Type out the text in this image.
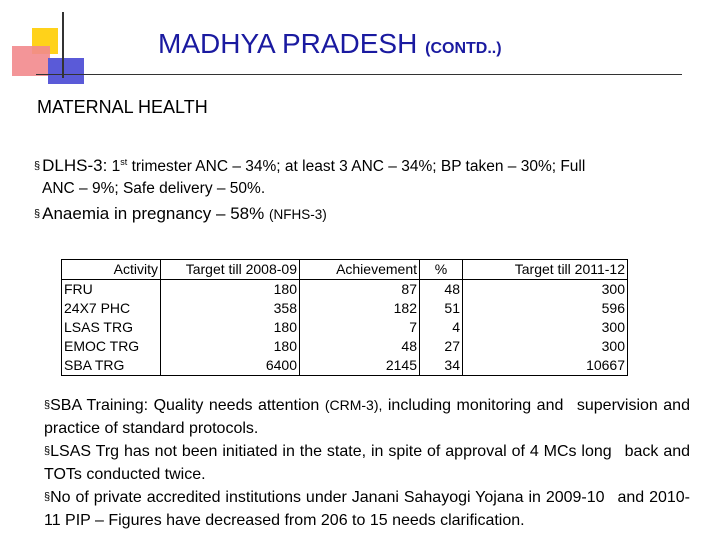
MADHYA PRADESH (CONTD..)
MATERNAL HEALTH
§ DLHS-3: 1st trimester ANC – 34%; at least 3 ANC – 34%; BP taken – 30%; Full
ANC – 9%; Safe delivery – 50%.
§ Anaemia in pregnancy – 58% (NFHS-3)
Activity	Target till 2008-09	Achievement	%	Target till 2011-12
FRU	180	87	48	300
24X7 PHC	358	182	51	596
LSAS TRG	180	7	4	300
EMOC TRG	180	48	27	300
SBA TRG	6400	2145	34	10667

§SBA Training: Quality needs attention (CRM-3), including monitoring and supervision and practice of standard protocols.

§LSAS Trg has not been initiated in the state, in spite of approval of 4 MCs long back and TOTs conducted twice.

§No of private accredited institutions under Janani Sahayogi Yojana in 2009-10 and 2010-11 PIP – Figures have decreased from 206 to 15 needs clarification.
